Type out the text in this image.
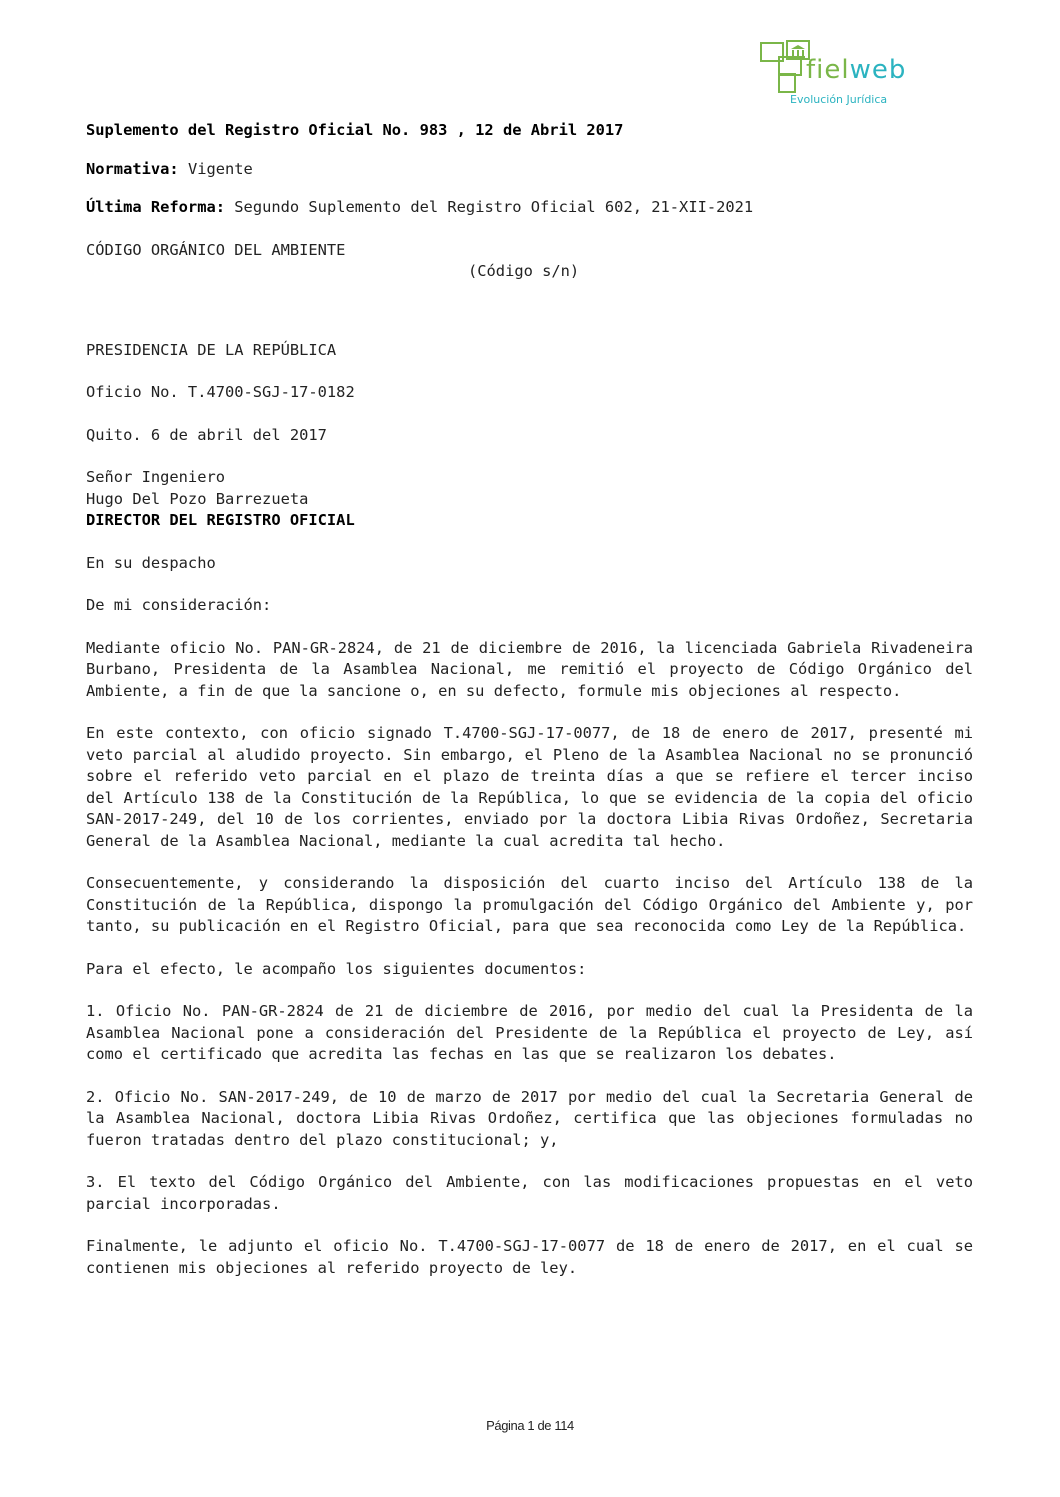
fielweb
Evolución Jurídica

Suplemento del Registro Oficial No. 983 , 12 de Abril 2017

Normativa: Vigente

Última Reforma: Segundo Suplemento del Registro Oficial 602, 21-XII-2021

CÓDIGO ORGÁNICO DEL AMBIENTE

(Código s/n)

PRESIDENCIA DE LA REPÚBLICA

Oficio No. T.4700-SGJ-17-0182

Quito. 6 de abril del 2017

Señor Ingeniero

Hugo Del Pozo Barrezueta

DIRECTOR DEL REGISTRO OFICIAL

En su despacho

De mi consideración:

Mediante oficio No. PAN-GR-2824, de 21 de diciembre de 2016, la licenciada Gabriela Rivadeneira Burbano, Presidenta de la Asamblea Nacional, me remitió el proyecto de Código Orgánico del Ambiente, a fin de que la sancione o, en su defecto, formule mis objeciones al respecto.

En este contexto, con oficio signado T.4700-SGJ-17-0077, de 18 de enero de 2017, presenté mi veto parcial al aludido proyecto. Sin embargo, el Pleno de la Asamblea Nacional no se pronunció sobre el referido veto parcial en el plazo de treinta días a que se refiere el tercer inciso del Artículo 138 de la Constitución de la República, lo que se evidencia de la copia del oficio SAN-2017-249, del 10 de los corrientes, enviado por la doctora Libia Rivas Ordoñez, Secretaria General de la Asamblea Nacional, mediante la cual acredita tal hecho.

Consecuentemente, y considerando la disposición del cuarto inciso del Artículo 138 de la Constitución de la República, dispongo la promulgación del Código Orgánico del Ambiente y, por tanto, su publicación en el Registro Oficial, para que sea reconocida como Ley de la República.

Para el efecto, le acompaño los siguientes documentos:

1. Oficio No. PAN-GR-2824 de 21 de diciembre de 2016, por medio del cual la Presidenta de la Asamblea Nacional pone a consideración del Presidente de la República el proyecto de Ley, así como el certificado que acredita las fechas en las que se realizaron los debates.

2. Oficio No. SAN-2017-249, de 10 de marzo de 2017 por medio del cual la Secretaria General de la Asamblea Nacional, doctora Libia Rivas Ordoñez, certifica que las objeciones formuladas no fueron tratadas dentro del plazo constitucional; y,

3. El texto del Código Orgánico del Ambiente, con las modificaciones propuestas en el veto parcial incorporadas.

Finalmente, le adjunto el oficio No. T.4700-SGJ-17-0077 de 18 de enero de 2017, en el cual se contienen mis objeciones al referido proyecto de ley.

Página 1 de 114
